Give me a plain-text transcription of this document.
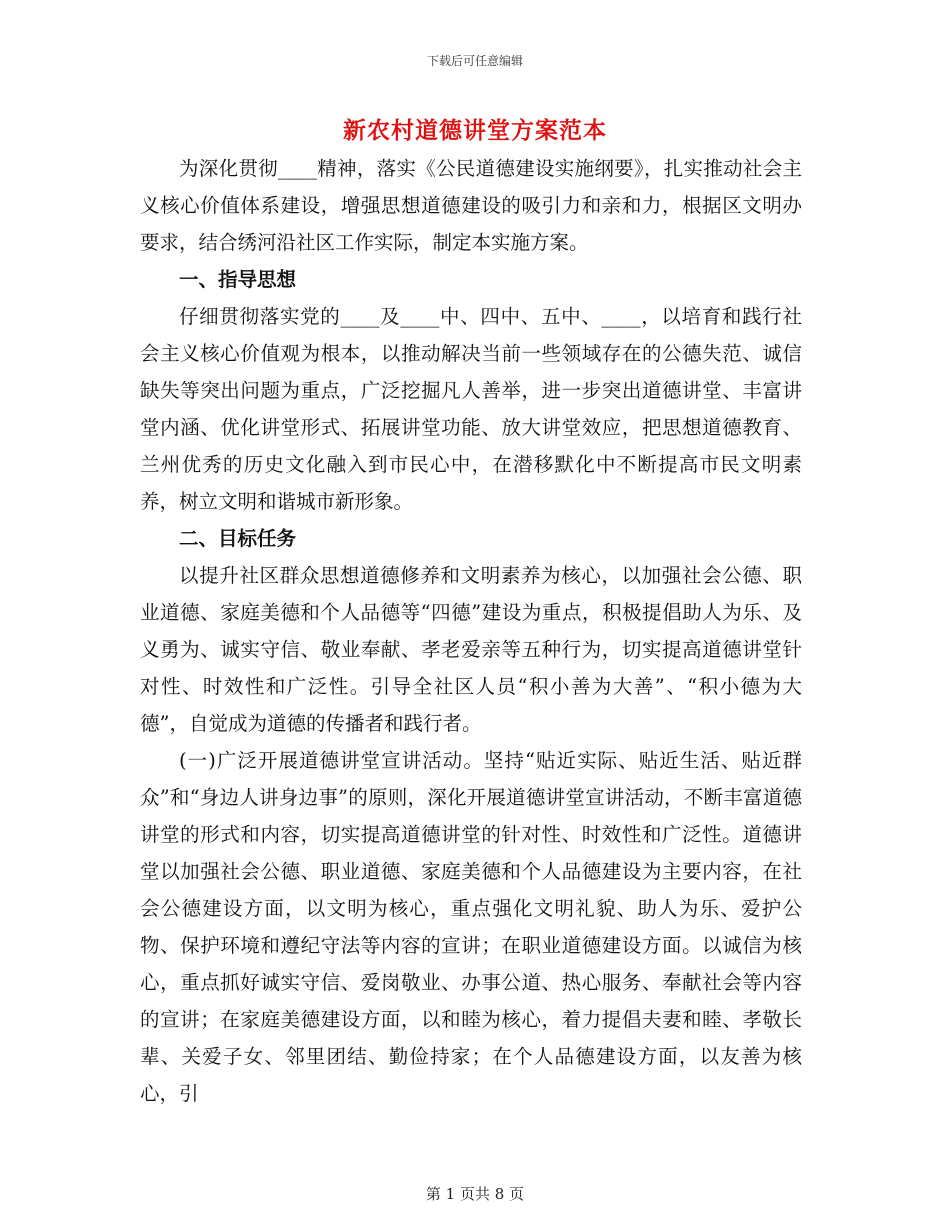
下载后可任意编辑
新农村道德讲堂方案范本

为深化贯彻____精神，落实《公民道德建设实施纲要》，扎实推动社会主义核心价值体系建设，增强思想道德建设的吸引力和亲和力，根据区文明办要求，结合绣河沿社区工作实际，制定本实施方案。

一、指导思想

仔细贯彻落实党的____及____中、四中、五中、____，以培育和践行社会主义核心价值观为根本，以推动解决当前一些领域存在的公德失范、诚信缺失等突出问题为重点，广泛挖掘凡人善举，进一步突出道德讲堂、丰富讲堂内涵、优化讲堂形式、拓展讲堂功能、放大讲堂效应，把思想道德教育、兰州优秀的历史文化融入到市民心中，在潜移默化中不断提高市民文明素养，树立文明和谐城市新形象。

二、目标任务

以提升社区群众思想道德修养和文明素养为核心，以加强社会公德、职业道德、家庭美德和个人品德等“四德”建设为重点，积极提倡助人为乐、及义勇为、诚实守信、敬业奉献、孝老爱亲等五种行为，切实提高道德讲堂针对性、时效性和广泛性。引导全社区人员“积小善为大善”、“积小德为大德”，自觉成为道德的传播者和践行者。

(一)广泛开展道德讲堂宣讲活动。坚持“贴近实际、贴近生活、贴近群众”和“身边人讲身边事”的原则，深化开展道德讲堂宣讲活动，不断丰富道德讲堂的形式和内容，切实提高道德讲堂的针对性、时效性和广泛性。道德讲堂以加强社会公德、职业道德、家庭美德和个人品德建设为主要内容，在社会公德建设方面，以文明为核心，重点强化文明礼貌、助人为乐、爱护公物、保护环境和遵纪守法等内容的宣讲；在职业道德建设方面。以诚信为核心，重点抓好诚实守信、爱岗敬业、办事公道、热心服务、奉献社会等内容的宣讲；在家庭美德建设方面，以和睦为核心，着力提倡夫妻和睦、孝敬长辈、关爱子女、邻里团结、勤俭持家；在个人品德建设方面，以友善为核心，引

第 1 页共 8 页
